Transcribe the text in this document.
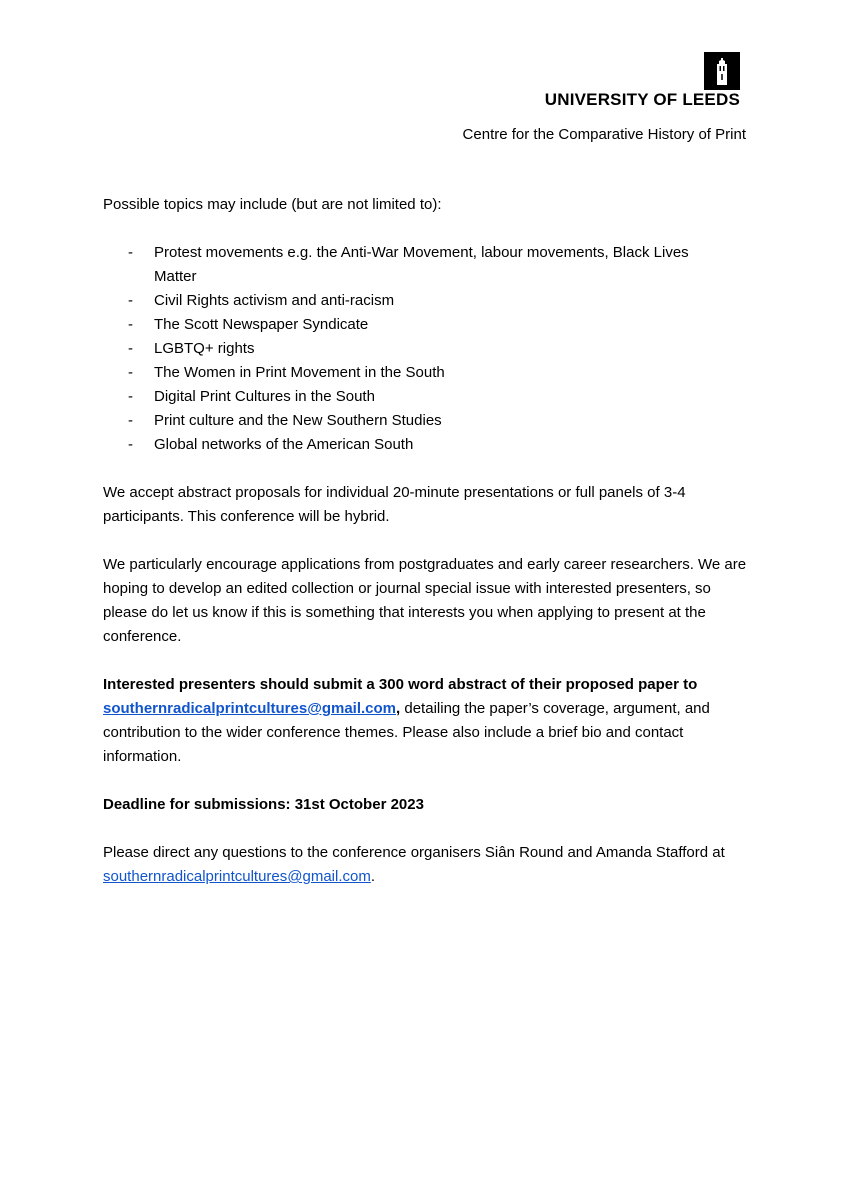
UNIVERSITY OF LEEDS
Centre for the Comparative History of Print

Possible topics may include (but are not limited to):

- Protest movements e.g. the Anti-War Movement, labour movements, Black Lives Matter
- Civil Rights activism and anti-racism
- The Scott Newspaper Syndicate
- LGBTQ+ rights
- The Women in Print Movement in the South
- Digital Print Cultures in the South
- Print culture and the New Southern Studies
- Global networks of the American South

We accept abstract proposals for individual 20-minute presentations or full panels of 3-4 participants. This conference will be hybrid.

We particularly encourage applications from postgraduates and early career researchers. We are hoping to develop an edited collection or journal special issue with interested presenters, so please do let us know if this is something that interests you when applying to present at the conference.

Interested presenters should submit a 300 word abstract of their proposed paper to southernradicalprintcultures@gmail.com, detailing the paper’s coverage, argument, and contribution to the wider conference themes. Please also include a brief bio and contact information.

Deadline for submissions: 31st October 2023

Please direct any questions to the conference organisers Siân Round and Amanda Stafford at southernradicalprintcultures@gmail.com.
